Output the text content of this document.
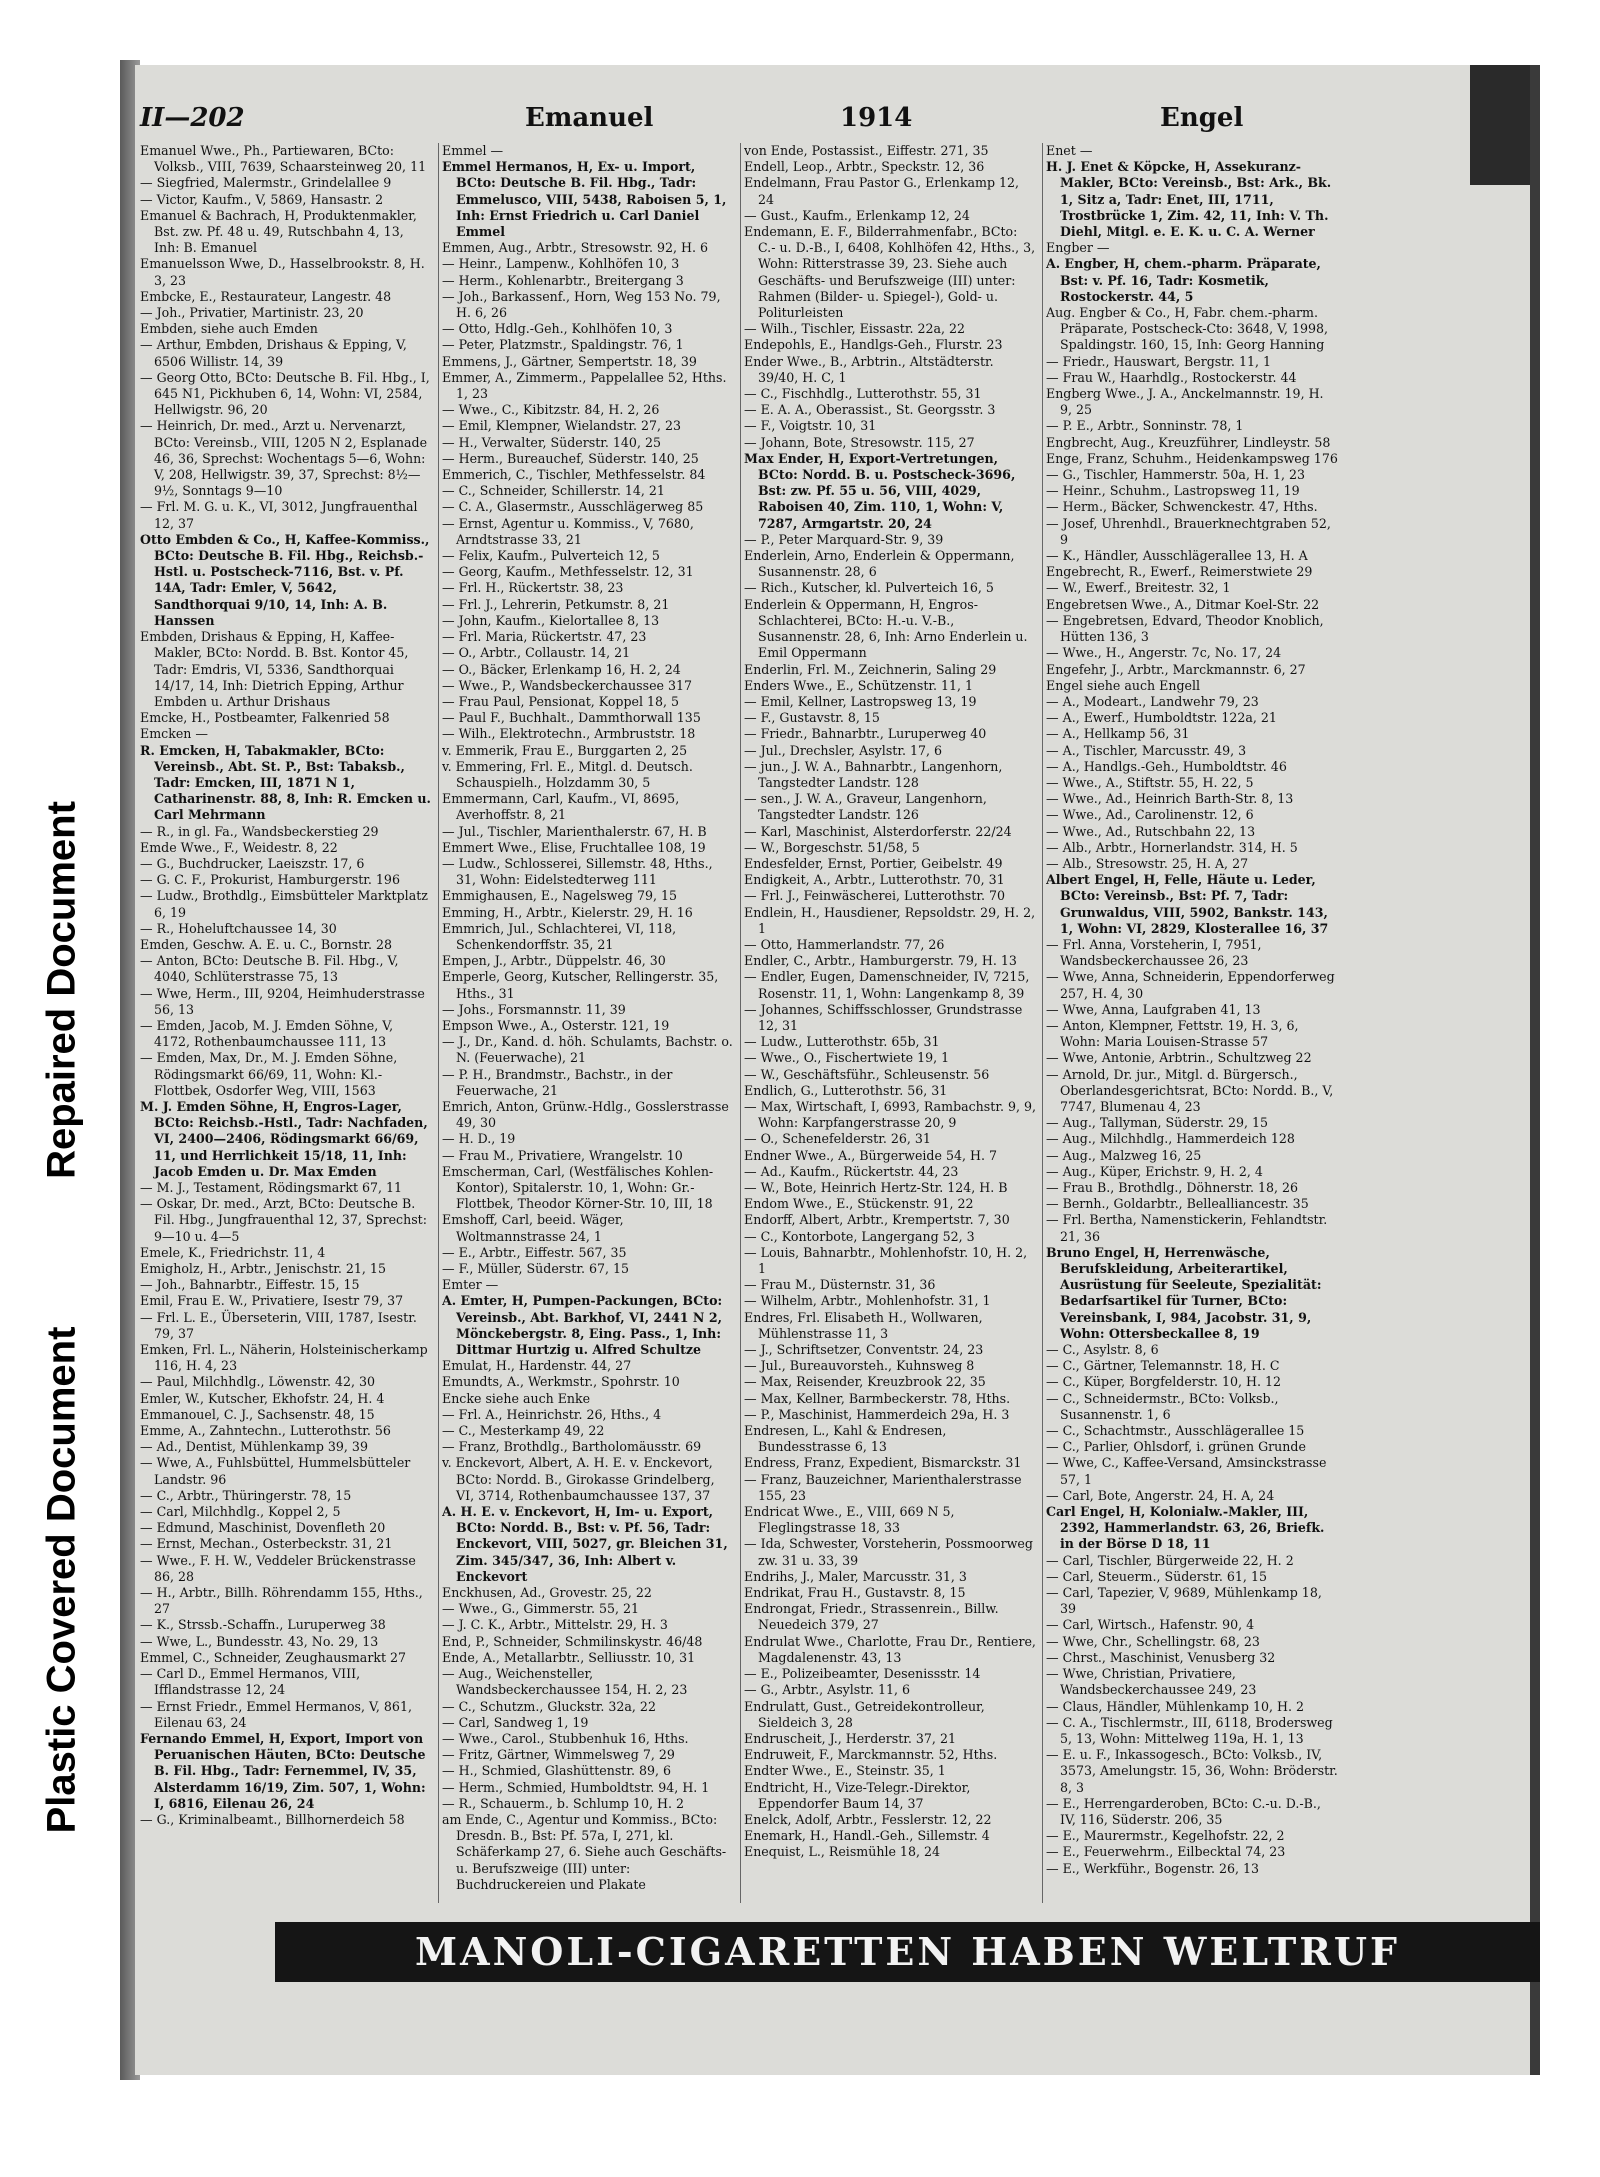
Repaired Document
Plastic Covered Document
II—202	Emanuel	1914	Engel

Emanuel Wwe., Ph., Partiewaren, BCto: Volksb., VIII, 7639, Schaarsteinweg 20, 11

— Siegfried, Malermstr., Grindelallee 9

— Victor, Kaufm., V, 5869, Hansastr. 2

Emanuel & Bachrach, H, Produktenmakler, Bst. zw. Pf. 48 u. 49, Rutschbahn 4, 13, Inh: B. Emanuel

Emanuelsson Wwe, D., Hasselbrookstr. 8, H. 3, 23

Embcke, E., Restaurateur, Langestr. 48

— Joh., Privatier, Martinistr. 23, 20

Embden, siehe auch Emden

— Arthur, Embden, Drishaus & Epping, V, 6506 Willistr. 14, 39

— Georg Otto, BCto: Deutsche B. Fil. Hbg., I, 645 N1, Pickhuben 6, 14, Wohn: VI, 2584, Hellwigstr. 96, 20

— Heinrich, Dr. med., Arzt u. Nervenarzt, BCto: Vereinsb., VIII, 1205 N 2, Esplanade 46, 36, Sprechst: Wochentags 5—6, Wohn: V, 208, Hellwigstr. 39, 37, Sprechst: 8½—9½, Sonntags 9—10

— Frl. M. G. u. K., VI, 3012, Jungfrauenthal 12, 37

Otto Embden & Co., H, Kaffee-Kommiss., BCto: Deutsche B. Fil. Hbg., Reichsb.- Hstl. u. Postscheck-7116, Bst. v. Pf. 14A, Tadr: Emler, V, 5642, Sandthorquai 9/10, 14, Inh: A. B. Hanssen

Embden, Drishaus & Epping, H, Kaffee-Makler, BCto: Nordd. B. Bst. Kontor 45, Tadr: Emdris, VI, 5336, Sandthorquai 14/17, 14, Inh: Dietrich Epping, Arthur Embden u. Arthur Drishaus

Emcke, H., Postbeamter, Falkenried 58

Emcken —

R. Emcken, H, Tabakmakler, BCto: Vereinsb., Abt. St. P., Bst: Tabaksb., Tadr: Emcken, III, 1871 N 1, Catharinenstr. 88, 8, Inh: R. Emcken u. Carl Mehrmann

— R., in gl. Fa., Wandsbeckerstieg 29

Emde Wwe., F., Weidestr. 8, 22

— G., Buchdrucker, Laeiszstr. 17, 6

— G. C. F., Prokurist, Hamburgerstr. 196

— Ludw., Brothdlg., Eimsbütteler Marktplatz 6, 19

— R., Hoheluftchaussee 14, 30

Emden, Geschw. A. E. u. C., Bornstr. 28

— Anton, BCto: Deutsche B. Fil. Hbg., V, 4040, Schlüterstrasse 75, 13

— Wwe, Herm., III, 9204, Heimhuderstrasse 56, 13

— Emden, Jacob, M. J. Emden Söhne, V, 4172, Rothenbaumchaussee 111, 13

— Emden, Max, Dr., M. J. Emden Söhne, Rödingsmarkt 66/69, 11, Wohn: Kl.-Flottbek, Osdorfer Weg, VIII, 1563

M. J. Emden Söhne, H, Engros-Lager, BCto: Reichsb.-Hstl., Tadr: Nachfaden, VI, 2400—2406, Rödingsmarkt 66/69, 11, und Herrlichkeit 15/18, 11, Inh: Jacob Emden u. Dr. Max Emden

— M. J., Testament, Rödingsmarkt 67, 11

— Oskar, Dr. med., Arzt, BCto: Deutsche B. Fil. Hbg., Jungfrauenthal 12, 37, Sprechst: 9—10 u. 4—5

Emele, K., Friedrichstr. 11, 4

Emigholz, H., Arbtr., Jenischstr. 21, 15

— Joh., Bahnarbtr., Eiffestr. 15, 15

Emil, Frau E. W., Privatiere, Isestr 79, 37

— Frl. L. E., Überseterin, VIII, 1787, Isestr. 79, 37

Emken, Frl. L., Näherin, Holsteinischerkamp 116, H. 4, 23

— Paul, Milchhdlg., Löwenstr. 42, 30

Emler, W., Kutscher, Ekhofstr. 24, H. 4

Emmanouel, C. J., Sachsenstr. 48, 15

Emme, A., Zahntechn., Lutterothstr. 56

— Ad., Dentist, Mühlenkamp 39, 39

— Wwe, A., Fuhlsbüttel, Hummelsbütteler Landstr. 96

— C., Arbtr., Thüringerstr. 78, 15

— Carl, Milchhdlg., Koppel 2, 5

— Edmund, Maschinist, Dovenfleth 20

— Ernst, Mechan., Osterbeckstr. 31, 21

— Wwe., F. H. W., Veddeler Brückenstrasse 86, 28

— H., Arbtr., Billh. Röhrendamm 155, Hths., 27

— K., Strssb.-Schaffn., Luruperweg 38

— Wwe, L., Bundesstr. 43, No. 29, 13

Emmel, C., Schneider, Zeughausmarkt 27

— Carl D., Emmel Hermanos, VIII, Ifflandstrasse 12, 24

— Ernst Friedr., Emmel Hermanos, V, 861, Eilenau 63, 24

Fernando Emmel, H, Export, Import von Peruanischen Häuten, BCto: Deutsche B. Fil. Hbg., Tadr: Fernemmel, IV, 35, Alsterdamm 16/19, Zim. 507, 1, Wohn: I, 6816, Eilenau 26, 24

— G., Kriminalbeamt., Billhornerdeich 58

Emmel —

Emmel Hermanos, H, Ex- u. Import, BCto: Deutsche B. Fil. Hbg., Tadr: Emmelusco, VIII, 5438, Raboisen 5, 1, Inh: Ernst Friedrich u. Carl Daniel Emmel

Emmen, Aug., Arbtr., Stresowstr. 92, H. 6

— Heinr., Lampenw., Kohlhöfen 10, 3

— Herm., Kohlenarbtr., Breitergang 3

— Joh., Barkassenf., Horn, Weg 153 No. 79, H. 6, 26

— Otto, Hdlg.-Geh., Kohlhöfen 10, 3

— Peter, Platzmstr., Spaldingstr. 76, 1

Emmens, J., Gärtner, Sempertstr. 18, 39

Emmer, A., Zimmerm., Pappelallee 52, Hths. 1, 23

— Wwe., C., Kibitzstr. 84, H. 2, 26

— Emil, Klempner, Wielandstr. 27, 23

— H., Verwalter, Süderstr. 140, 25

— Herm., Bureauchef, Süderstr. 140, 25

Emmerich, C., Tischler, Methfesselstr. 84

— C., Schneider, Schillerstr. 14, 21

— C. A., Glasermstr., Ausschlägerweg 85

— Ernst, Agentur u. Kommiss., V, 7680, Arndtstrasse 33, 21

— Felix, Kaufm., Pulverteich 12, 5

— Georg, Kaufm., Methfesselstr. 12, 31

— Frl. H., Rückertstr. 38, 23

— Frl. J., Lehrerin, Petkumstr. 8, 21

— John, Kaufm., Kielortallee 8, 13

— Frl. Maria, Rückertstr. 47, 23

— O., Arbtr., Collaustr. 14, 21

— O., Bäcker, Erlenkamp 16, H. 2, 24

— Wwe., P., Wandsbeckerchaussee 317

— Frau Paul, Pensionat, Koppel 18, 5

— Paul F., Buchhalt., Dammthorwall 135

— Wilh., Elektrotechn., Armbruststr. 18

v. Emmerik, Frau E., Burggarten 2, 25

v. Emmering, Frl. E., Mitgl. d. Deutsch. Schauspielh., Holzdamm 30, 5

Emmermann, Carl, Kaufm., VI, 8695, Averhoffstr. 8, 21

— Jul., Tischler, Marienthalerstr. 67, H. B

Emmert Wwe., Elise, Fruchtallee 108, 19

— Ludw., Schlosserei, Sillemstr. 48, Hths., 31, Wohn: Eidelstedterweg 111

Emmighausen, E., Nagelsweg 79, 15

Emming, H., Arbtr., Kielerstr. 29, H. 16

Emmrich, Jul., Schlachterei, VI, 118, Schenkendorffstr. 35, 21

Empen, J., Arbtr., Düppelstr. 46, 30

Emperle, Georg, Kutscher, Rellingerstr. 35, Hths., 31

— Johs., Forsmannstr. 11, 39

Empson Wwe., A., Osterstr. 121, 19

— J., Dr., Kand. d. höh. Schulamts, Bachstr. o. N. (Feuerwache), 21

— P. H., Brandmstr., Bachstr., in der Feuerwache, 21

Emrich, Anton, Grünw.-Hdlg., Gosslerstrasse 49, 30

— H. D., 19

— Frau M., Privatiere, Wrangelstr. 10

Emscherman, Carl, (Westfälisches Kohlen-Kontor), Spitalerstr. 10, 1, Wohn: Gr.-Flottbek, Theodor Körner-Str. 10, III, 18

Emshoff, Carl, beeid. Wäger, Woltmannstrasse 24, 1

— E., Arbtr., Eiffestr. 567, 35

— F., Müller, Süderstr. 67, 15

Emter —

A. Emter, H, Pumpen-Packungen, BCto: Vereinsb., Abt. Barkhof, VI, 2441 N 2, Mönckebergstr. 8, Eing. Pass., 1, Inh: Dittmar Hurtzig u. Alfred Schultze

Emulat, H., Hardenstr. 44, 27

Emundts, A., Werkmstr., Spohrstr. 10

Encke siehe auch Enke

— Frl. A., Heinrichstr. 26, Hths., 4

— C., Mesterkamp 49, 22

— Franz, Brothdlg., Bartholomäusstr. 69

v. Enckevort, Albert, A. H. E. v. Enckevort, BCto: Nordd. B., Girokasse Grindelberg, VI, 3714, Rothenbaumchaussee 137, 37

A. H. E. v. Enckevort, H, Im- u. Export, BCto: Nordd. B., Bst: v. Pf. 56, Tadr: Enckevort, VIII, 5027, gr. Bleichen 31, Zim. 345/347, 36, Inh: Albert v. Enckevort

Enckhusen, Ad., Grovestr. 25, 22

— Wwe., G., Gimmerstr. 55, 21

— J. C. K., Arbtr., Mittelstr. 29, H. 3

End, P., Schneider, Schmilinskystr. 46/48

Ende, A., Metallarbtr., Selliusstr. 10, 31

— Aug., Weichensteller, Wandsbeckerchaussee 154, H. 2, 23

— C., Schutzm., Gluckstr. 32a, 22

— Carl, Sandweg 1, 19

— Wwe., Carol., Stubbenhuk 16, Hths.

— Fritz, Gärtner, Wimmelsweg 7, 29

— H., Schmied, Glashüttenstr. 89, 6

— Herm., Schmied, Humboldtstr. 94, H. 1

— R., Schauerm., b. Schlump 10, H. 2

am Ende, C., Agentur und Kommiss., BCto: Dresdn. B., Bst: Pf. 57a, I, 271, kl. Schäferkamp 27, 6. Siehe auch Geschäfts- u. Berufszweige (III) unter: Buchdruckereien und Plakate

von Ende, Postassist., Eiffestr. 271, 35

Endell, Leop., Arbtr., Speckstr. 12, 36

Endelmann, Frau Pastor G., Erlenkamp 12, 24

— Gust., Kaufm., Erlenkamp 12, 24

Endemann, E. F., Bilderrahmenfabr., BCto: C.- u. D.-B., I, 6408, Kohlhöfen 42, Hths., 3, Wohn: Ritterstrasse 39, 23. Siehe auch Geschäfts- und Berufszweige (III) unter: Rahmen (Bilder- u. Spiegel-), Gold- u. Politurleisten

— Wilh., Tischler, Eissastr. 22a, 22

Endepohls, E., Handlgs-Geh., Flurstr. 23

Ender Wwe., B., Arbtrin., Altstädterstr. 39/40, H. C, 1

— C., Fischhdlg., Lutterothstr. 55, 31

— E. A. A., Oberassist., St. Georgsstr. 3

— F., Voigtstr. 10, 31

— Johann, Bote, Stresowstr. 115, 27

Max Ender, H, Export-Vertretungen, BCto: Nordd. B. u. Postscheck-3696, Bst: zw. Pf. 55 u. 56, VIII, 4029, Raboisen 40, Zim. 110, 1, Wohn: V, 7287, Armgartstr. 20, 24

— P., Peter Marquard-Str. 9, 39

Enderlein, Arno, Enderlein & Oppermann, Susannenstr. 28, 6

— Rich., Kutscher, kl. Pulverteich 16, 5

Enderlein & Oppermann, H, Engros-Schlachterei, BCto: H.-u. V.-B., Susannenstr. 28, 6, Inh: Arno Enderlein u. Emil Oppermann

Enderlin, Frl. M., Zeichnerin, Saling 29

Enders Wwe., E., Schützenstr. 11, 1

— Emil, Kellner, Lastropsweg 13, 19

— F., Gustavstr. 8, 15

— Friedr., Bahnarbtr., Luruperweg 40

— Jul., Drechsler, Asylstr. 17, 6

— jun., J. W. A., Bahnarbtr., Langenhorn, Tangstedter Landstr. 128

— sen., J. W. A., Graveur, Langenhorn, Tangstedter Landstr. 126

— Karl, Maschinist, Alsterdorferstr. 22/24

— W., Borgeschstr. 51/58, 5

Endesfelder, Ernst, Portier, Geibelstr. 49

Endigkeit, A., Arbtr., Lutterothstr. 70, 31

— Frl. J., Feinwäscherei, Lutterothstr. 70

Endlein, H., Hausdiener, Repsoldstr. 29, H. 2, 1

— Otto, Hammerlandstr. 77, 26

Endler, C., Arbtr., Hamburgerstr. 79, H. 13

— Endler, Eugen, Damenschneider, IV, 7215, Rosenstr. 11, 1, Wohn: Langenkamp 8, 39

— Johannes, Schiffsschlosser, Grundstrasse 12, 31

— Ludw., Lutterothstr. 65b, 31

— Wwe., O., Fischertwiete 19, 1

— W., Geschäftsführ., Schleusenstr. 56

Endlich, G., Lutterothstr. 56, 31

— Max, Wirtschaft, I, 6993, Rambachstr. 9, 9, Wohn: Karpfangerstrasse 20, 9

— O., Schenefelderstr. 26, 31

Endner Wwe., A., Bürgerweide 54, H. 7

— Ad., Kaufm., Rückertstr. 44, 23

— W., Bote, Heinrich Hertz-Str. 124, H. B

Endom Wwe., E., Stückenstr. 91, 22

Endorff, Albert, Arbtr., Krempertstr. 7, 30

— C., Kontorbote, Langergang 52, 3

— Louis, Bahnarbtr., Mohlenhofstr. 10, H. 2, 1

— Frau M., Düsternstr. 31, 36

— Wilhelm, Arbtr., Mohlenhofstr. 31, 1

Endres, Frl. Elisabeth H., Wollwaren, Mühlenstrasse 11, 3

— J., Schriftsetzer, Conventstr. 24, 23

— Jul., Bureauvorsteh., Kuhnsweg 8

— Max, Reisender, Kreuzbrook 22, 35

— Max, Kellner, Barmbeckerstr. 78, Hths.

— P., Maschinist, Hammerdeich 29a, H. 3

Endresen, L., Kahl & Endresen, Bundesstrasse 6, 13

Endress, Franz, Expedient, Bismarckstr. 31

— Franz, Bauzeichner, Marienthalerstrasse 155, 23

Endricat Wwe., E., VIII, 669 N 5, Fleglingstrasse 18, 33

— Ida, Schwester, Vorsteherin, Possmoorweg zw. 31 u. 33, 39

Endrihs, J., Maler, Marcusstr. 31, 3

Endrikat, Frau H., Gustavstr. 8, 15

Endrongat, Friedr., Strassenrein., Billw. Neuedeich 379, 27

Endrulat Wwe., Charlotte, Frau Dr., Rentiere, Magdalenenstr. 43, 13

— E., Polizeibeamter, Desenissstr. 14

— G., Arbtr., Asylstr. 11, 6

Endrulatt, Gust., Getreidekontrolleur, Sieldeich 3, 28

Endruscheit, J., Herderstr. 37, 21

Endruweit, F., Marckmannstr. 52, Hths.

Endter Wwe., E., Steinstr. 35, 1

Endtricht, H., Vize-Telegr.-Direktor, Eppendorfer Baum 14, 37

Enelck, Adolf, Arbtr., Fesslerstr. 12, 22

Enemark, H., Handl.-Geh., Sillemstr. 4

Enequist, L., Reismühle 18, 24

Enet —

H. J. Enet & Köpcke, H, Assekuranz-Makler, BCto: Vereinsb., Bst: Ark., Bk. 1, Sitz a, Tadr: Enet, III, 1711, Trostbrücke 1, Zim. 42, 11, Inh: V. Th. Diehl, Mitgl. e. E. K. u. C. A. Werner

Engber —

A. Engber, H, chem.-pharm. Präparate, Bst: v. Pf. 16, Tadr: Kosmetik, Rostockerstr. 44, 5

Aug. Engber & Co., H, Fabr. chem.-pharm. Präparate, Postscheck-Cto: 3648, V, 1998, Spaldingstr. 160, 15, Inh: Georg Hanning

— Friedr., Hauswart, Bergstr. 11, 1

— Frau W., Haarhdlg., Rostockerstr. 44

Engberg Wwe., J. A., Anckelmannstr. 19, H. 9, 25

— P. E., Arbtr., Sonninstr. 78, 1

Engbrecht, Aug., Kreuzführer, Lindleystr. 58

Enge, Franz, Schuhm., Heidenkampsweg 176

— G., Tischler, Hammerstr. 50a, H. 1, 23

— Heinr., Schuhm., Lastropsweg 11, 19

— Herm., Bäcker, Schwenckestr. 47, Hths.

— Josef, Uhrenhdl., Brauerknechtgraben 52, 9

— K., Händler, Ausschlägerallee 13, H. A

Engebrecht, R., Ewerf., Reimerstwiete 29

— W., Ewerf., Breitestr. 32, 1

Engebretsen Wwe., A., Ditmar Koel-Str. 22

— Engebretsen, Edvard, Theodor Knoblich, Hütten 136, 3

— Wwe., H., Angerstr. 7c, No. 17, 24

Engefehr, J., Arbtr., Marckmannstr. 6, 27

Engel siehe auch Engell

— A., Modeart., Landwehr 79, 23

— A., Ewerf., Humboldtstr. 122a, 21

— A., Hellkamp 56, 31

— A., Tischler, Marcusstr. 49, 3

— A., Handlgs.-Geh., Humboldtstr. 46

— Wwe., A., Stiftstr. 55, H. 22, 5

— Wwe., Ad., Heinrich Barth-Str. 8, 13

— Wwe., Ad., Carolinenstr. 12, 6

— Wwe., Ad., Rutschbahn 22, 13

— Alb., Arbtr., Hornerlandstr. 314, H. 5

— Alb., Stresowstr. 25, H. A, 27

Albert Engel, H, Felle, Häute u. Leder, BCto: Vereinsb., Bst: Pf. 7, Tadr: Grunwaldus, VIII, 5902, Bankstr. 143, 1, Wohn: VI, 2829, Klosterallee 16, 37

— Frl. Anna, Vorsteherin, I, 7951, Wandsbeckerchaussee 26, 23

— Wwe, Anna, Schneiderin, Eppendorferweg 257, H. 4, 30

— Wwe, Anna, Laufgraben 41, 13

— Anton, Klempner, Fettstr. 19, H. 3, 6, Wohn: Maria Louisen-Strasse 57

— Wwe, Antonie, Arbtrin., Schultzweg 22

— Arnold, Dr. jur., Mitgl. d. Bürgersch., Oberlandesgerichtsrat, BCto: Nordd. B., V, 7747, Blumenau 4, 23

— Aug., Tallyman, Süderstr. 29, 15

— Aug., Milchhdlg., Hammerdeich 128

— Aug., Malzweg 16, 25

— Aug., Küper, Erichstr. 9, H. 2, 4

— Frau B., Brothdlg., Döhnerstr. 18, 26

— Bernh., Goldarbtr., Bellealliancestr. 35

— Frl. Bertha, Namenstickerin, Fehlandtstr. 21, 36

Bruno Engel, H, Herrenwäsche, Berufskleidung, Arbeiterartikel, Ausrüstung für Seeleute, Spezialität: Bedarfsartikel für Turner, BCto: Vereinsbank, I, 984, Jacobstr. 31, 9, Wohn: Ottersbeckallee 8, 19

— C., Asylstr. 8, 6

— C., Gärtner, Telemannstr. 18, H. C

— C., Küper, Borgfelderstr. 10, H. 12

— C., Schneidermstr., BCto: Volksb., Susannenstr. 1, 6

— C., Schachtmstr., Ausschlägerallee 15

— C., Parlier, Ohlsdorf, i. grünen Grunde

— Wwe, C., Kaffee-Versand, Amsinckstrasse 57, 1

— Carl, Bote, Angerstr. 24, H. A, 24

Carl Engel, H, Kolonialw.-Makler, III, 2392, Hammerlandstr. 63, 26, Briefk. in der Börse D 18, 11

— Carl, Tischler, Bürgerweide 22, H. 2

— Carl, Steuerm., Süderstr. 61, 15

— Carl, Tapezier, V, 9689, Mühlenkamp 18, 39

— Carl, Wirtsch., Hafenstr. 90, 4

— Wwe, Chr., Schellingstr. 68, 23

— Chrst., Maschinist, Venusberg 32

— Wwe, Christian, Privatiere, Wandsbeckerchaussee 249, 23

— Claus, Händler, Mühlenkamp 10, H. 2

— C. A., Tischlermstr., III, 6118, Brodersweg 5, 13, Wohn: Mittelweg 119a, H. 1, 13

— E. u. F., Inkassogesch., BCto: Volksb., IV, 3573, Amelungstr. 15, 36, Wohn: Bröderstr. 8, 3

— E., Herrengarderoben, BCto: C.-u. D.-B., IV, 116, Süderstr. 206, 35

— E., Maurermstr., Kegelhofstr. 22, 2

— E., Feuerwehrm., Eilbecktal 74, 23

— E., Werkführ., Bogenstr. 26, 13

MANOLI-CIGARETTEN HABEN WELTRUF
